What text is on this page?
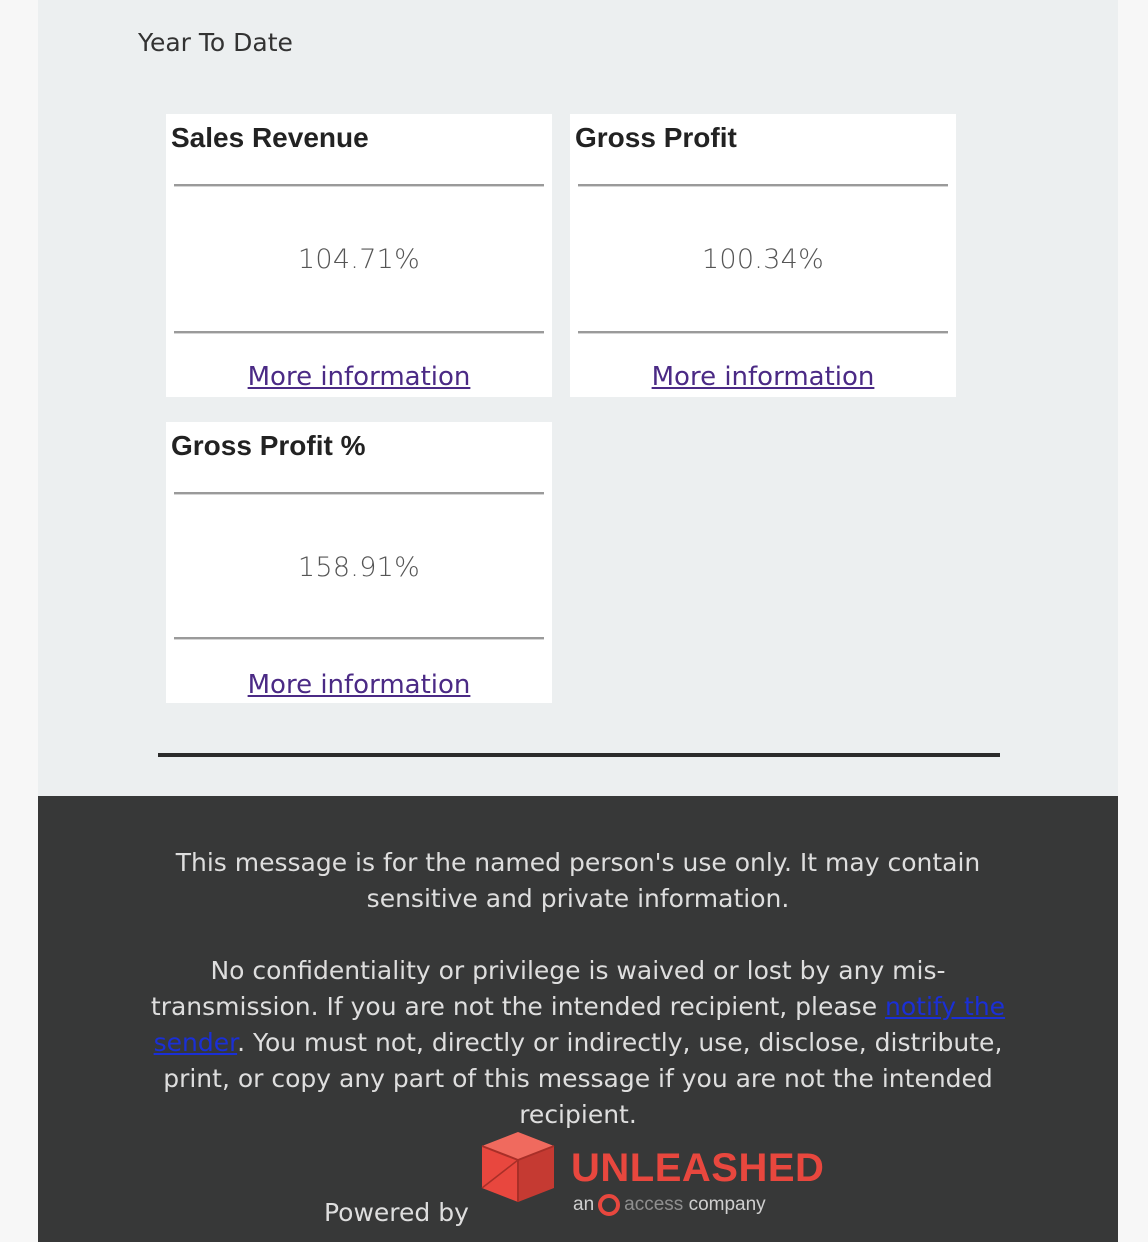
Year To Date
Sales Revenue
104.71%
More information
Gross Profit
100.34%
More information
Gross Profit %
158.91%
More information

This message is for the named person's use only. It may contain sensitive and private information.

No confidentiality or privilege is waived or lost by any mis-transmission. If you are not the intended recipient, please notify the sender. You must not, directly or indirectly, use, disclose, distribute, print, or copy any part of this message if you are not the intended recipient.

Powered by
UNLEASHED
an access company
